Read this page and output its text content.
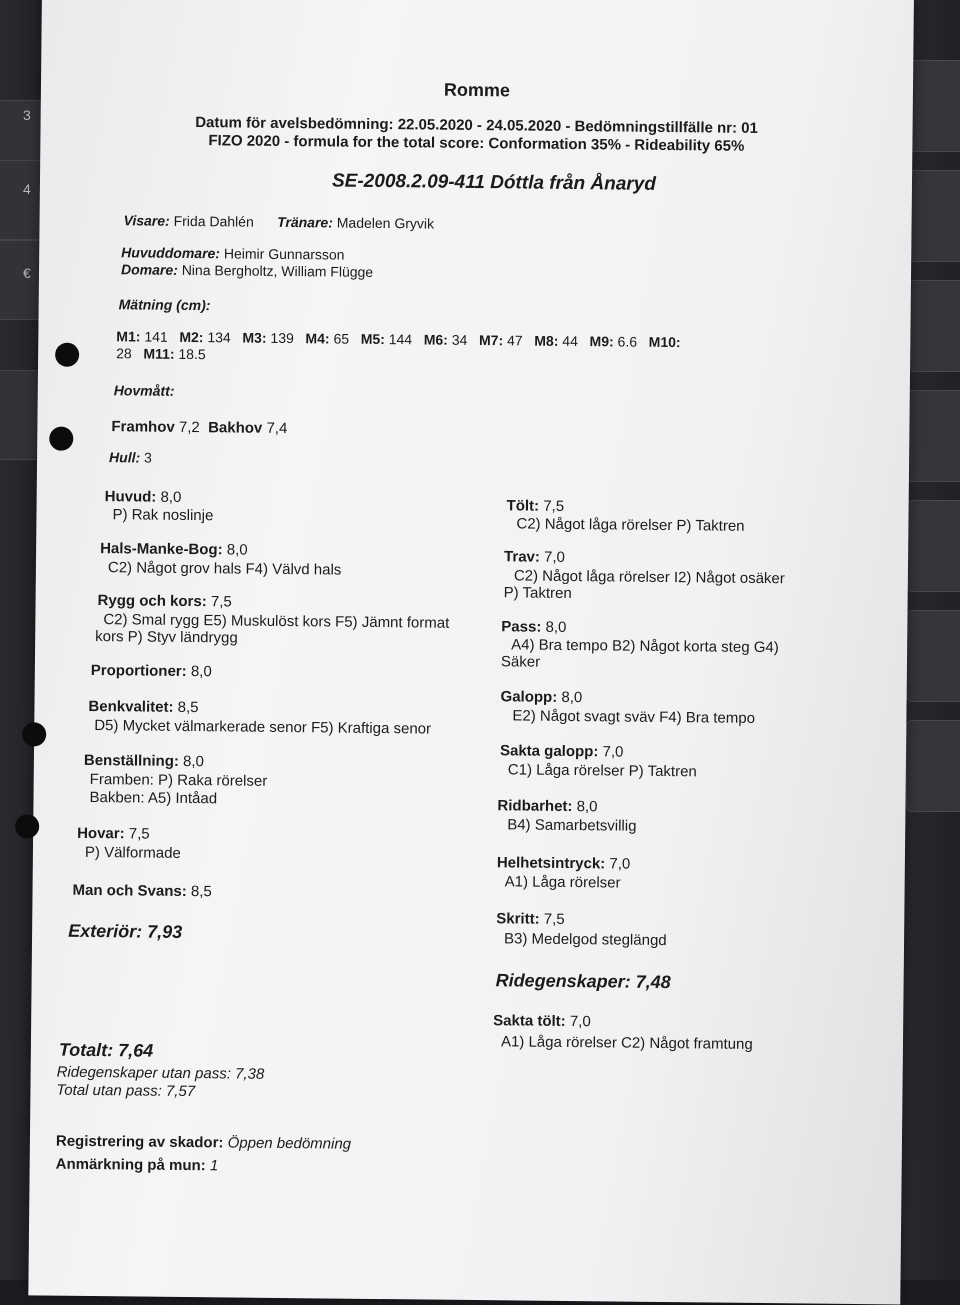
3
4
€
Romme
Datum för avelsbedömning: 22.05.2020 - 24.05.2020 - Bedömningstillfälle nr: 01
FIZO 2020 - formula for the total score: Conformation 35% - Rideability 65%
SE-2008.2.09-411 Dóttla från Ånaryd
Visare: Frida Dahlén Tränare: Madelen Gryvik
Huvuddomare: Heimir Gunnarsson
Domare: Nina Bergholtz, William Flügge
Mätning (cm):
M1: 141 M2: 134 M3: 139 M4: 65 M5: 144 M6: 34 M7: 47 M8: 44 M9: 6.6 M10:
28 M11: 18.5
Hovmått:
Framhov 7,2 Bakhov 7,4
Hull: 3
Huvud: 8,0
P) Rak noslinje
Hals-Manke-Bog: 8,0
C2) Något grov hals F4) Välvd hals
Rygg och kors: 7,5
C2) Smal rygg E5) Muskulöst kors F5) Jämnt format
kors P) Styv ländrygg
Proportioner: 8,0
Benkvalitet: 8,5
D5) Mycket välmarkerade senor F5) Kraftiga senor
Benställning: 8,0
Framben: P) Raka rörelser
Bakben: A5) Intåad
Hovar: 7,5
P) Välformade
Man och Svans: 8,5
Exteriör: 7,93
Tölt: 7,5
C2) Något låga rörelser P) Taktren
Trav: 7,0
C2) Något låga rörelser I2) Något osäker
P) Taktren
Pass: 8,0
A4) Bra tempo B2) Något korta steg G4)
Säker
Galopp: 8,0
E2) Något svagt sväv F4) Bra tempo
Sakta galopp: 7,0
C1) Låga rörelser P) Taktren
Ridbarhet: 8,0
B4) Samarbetsvillig
Helhetsintryck: 7,0
A1) Låga rörelser
Skritt: 7,5
B3) Medelgod steglängd
Ridegenskaper: 7,48
Sakta tölt: 7,0
A1) Låga rörelser C2) Något framtung
Totalt: 7,64
Ridegenskaper utan pass: 7,38
Total utan pass: 7,57
Registrering av skador: Öppen bedömning
Anmärkning på mun: 1
